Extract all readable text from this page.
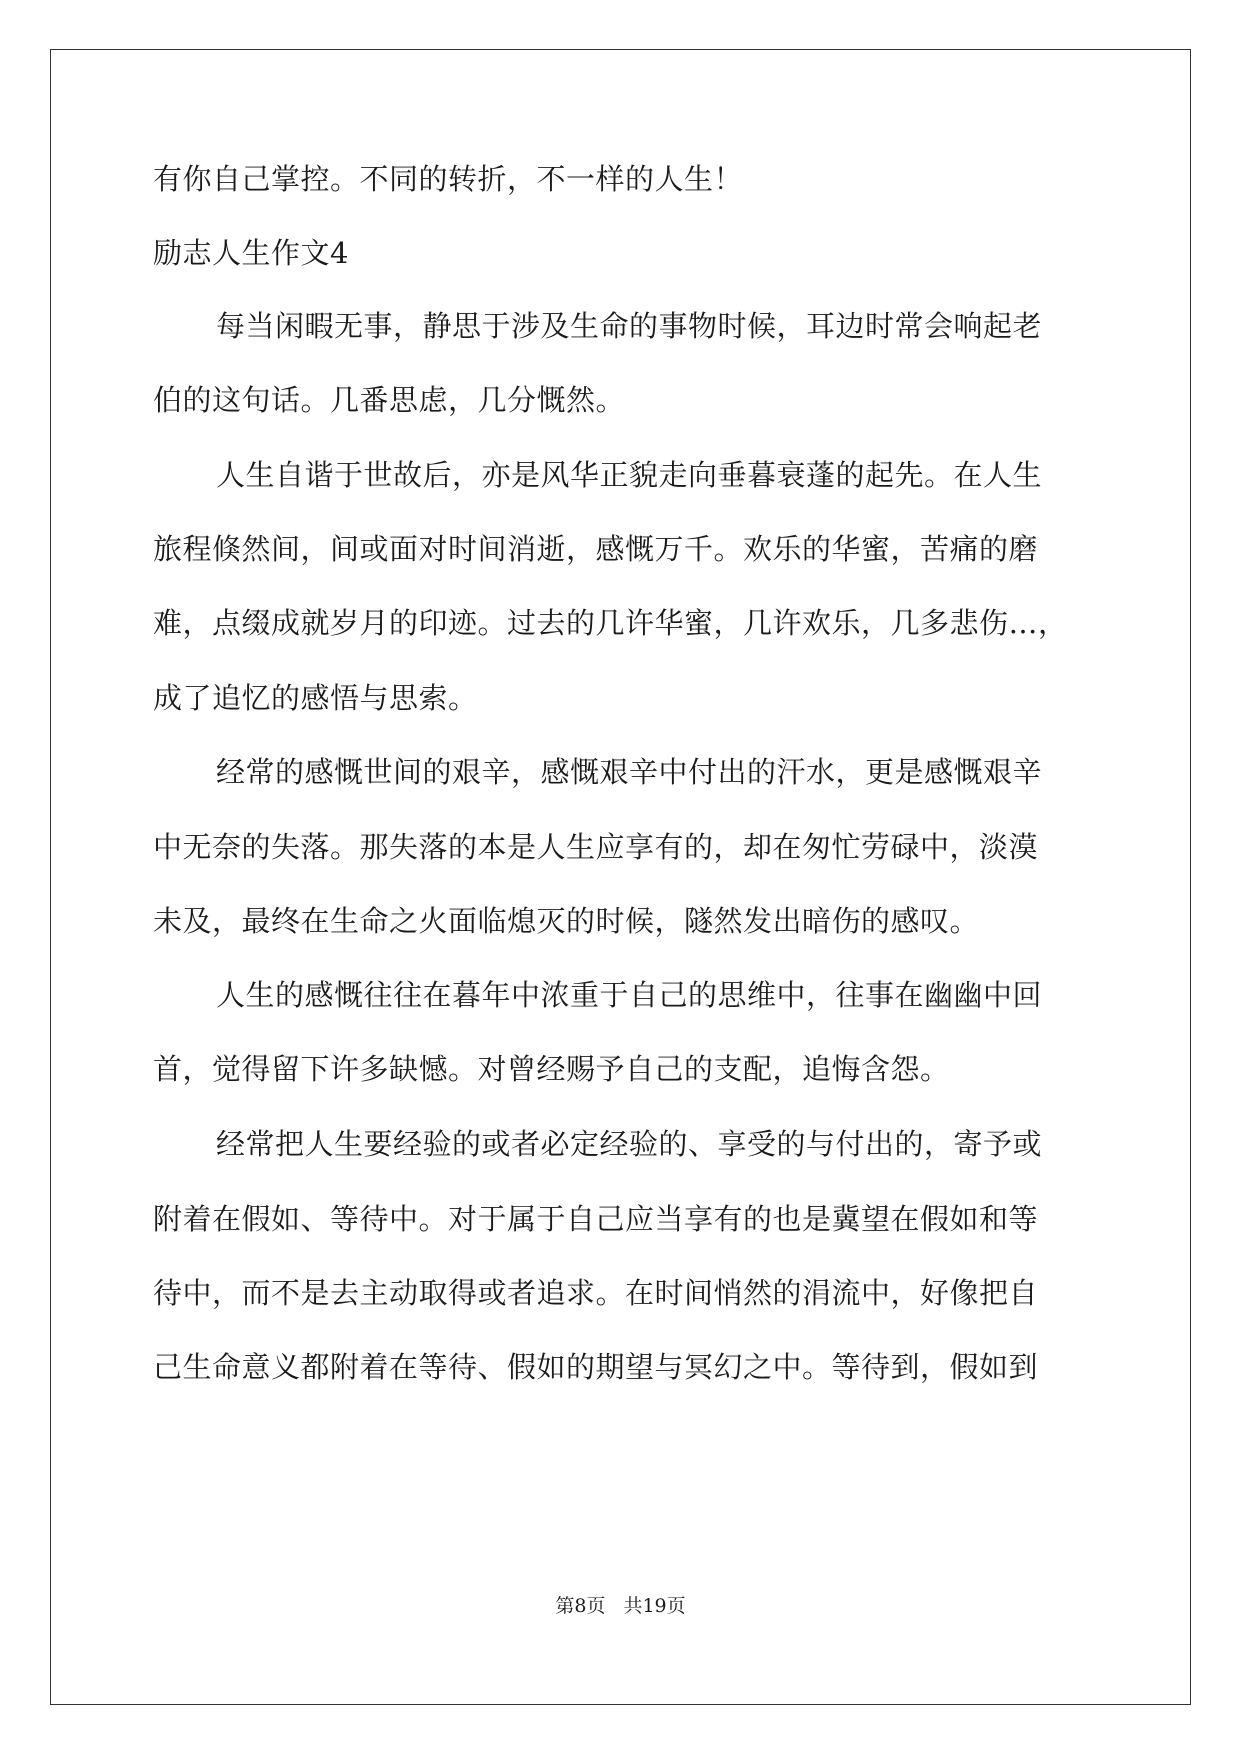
有你自己掌控。不同的转折，不一样的人生！
励志人生作文4
每当闲暇无事，静思于涉及生命的事物时候，耳边时常会响起老
伯的这句话。几番思虑，几分慨然。
人生自谐于世故后，亦是风华正貌走向垂暮衰蓬的起先。在人生
旅程倏然间，间或面对时间消逝，感慨万千。欢乐的华蜜，苦痛的磨
难，点缀成就岁月的印迹。过去的几许华蜜，几许欢乐，几多悲伤…，
成了追忆的感悟与思索。
经常的感慨世间的艰辛，感慨艰辛中付出的汗水，更是感慨艰辛
中无奈的失落。那失落的本是人生应享有的，却在匆忙劳碌中，淡漠
未及，最终在生命之火面临熄灭的时候，隧然发出暗伤的感叹。
人生的感慨往往在暮年中浓重于自己的思维中，往事在幽幽中回
首，觉得留下许多缺憾。对曾经赐予自己的支配，追悔含怨。
经常把人生要经验的或者必定经验的、享受的与付出的，寄予或
附着在假如、等待中。对于属于自己应当享有的也是冀望在假如和等
待中，而不是去主动取得或者追求。在时间悄然的涓流中，好像把自
己生命意义都附着在等待、假如的期望与冥幻之中。等待到，假如到
第8页 共19页
